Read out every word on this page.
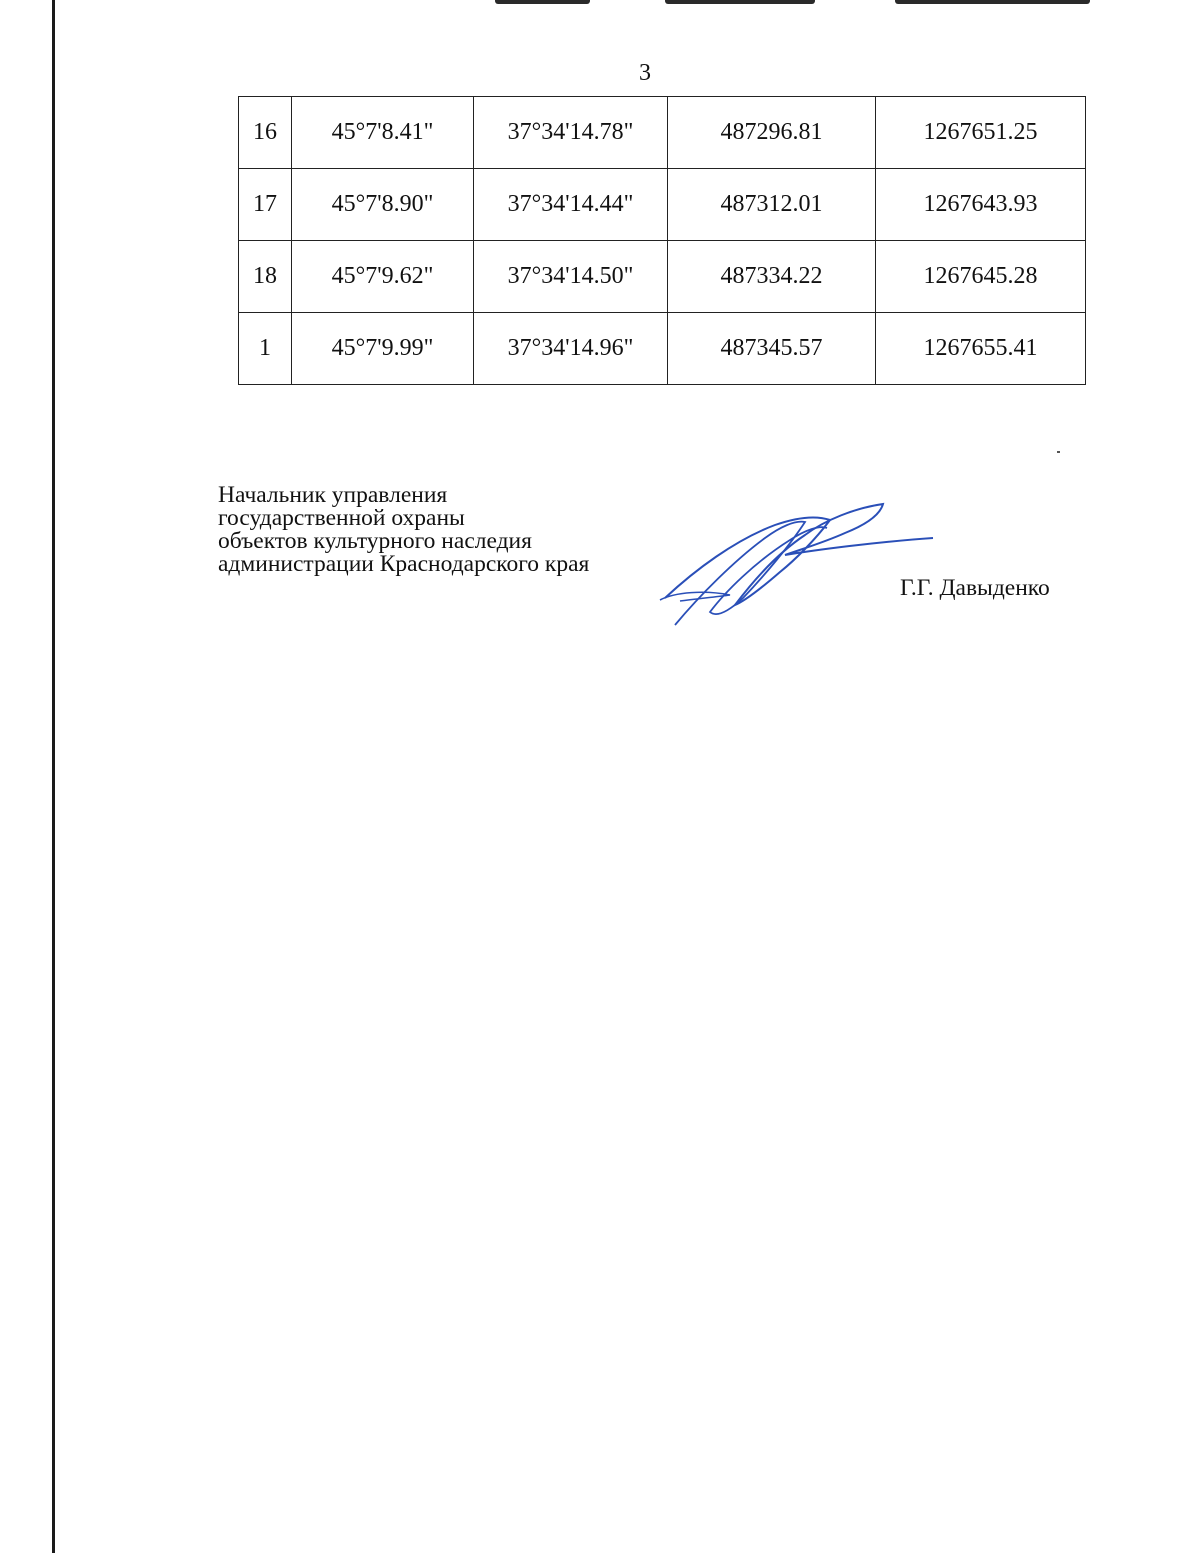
3
16	45°7'8.41"	37°34'14.78"	487296.81	1267651.25
17	45°7'8.90"	37°34'14.44"	487312.01	1267643.93
18	45°7'9.62"	37°34'14.50"	487334.22	1267645.28
1	45°7'9.99"	37°34'14.96"	487345.57	1267655.41
Начальник управления
государственной охраны
объектов культурного наследия
администрации Краснодарского края
Г.Г. Давыденко
